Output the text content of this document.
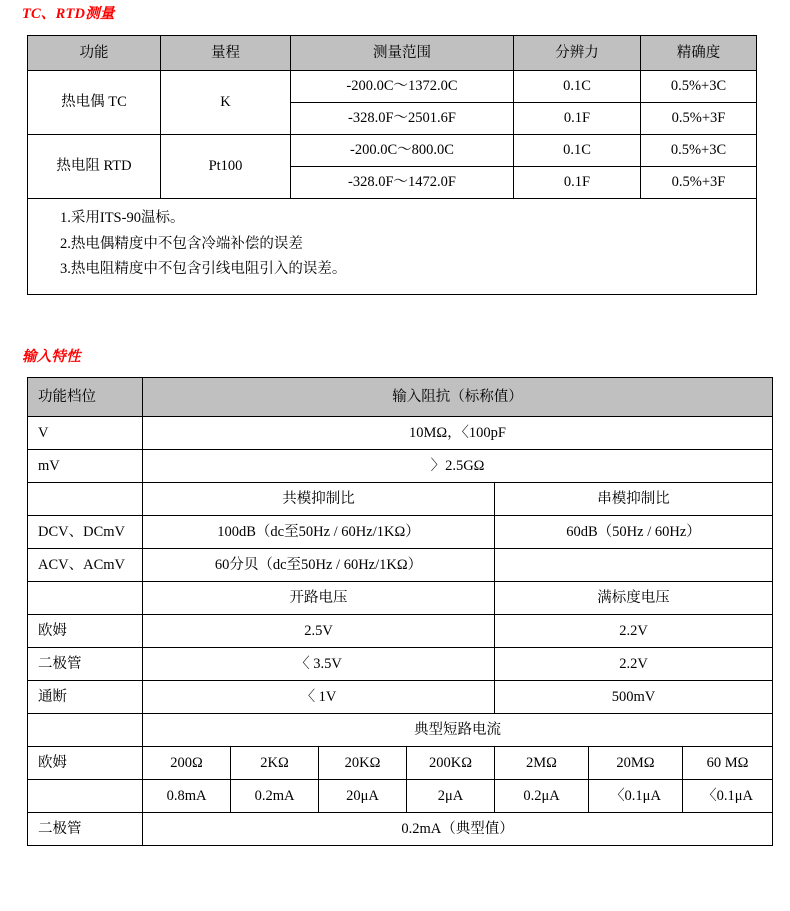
TC、RTD测量
功能	量程	测量范围	分辨力	精确度
热电偶 TC	K	-200.0C～1372.0C	0.1C	0.5%+3C
		-328.0F～2501.6F	0.1F	0.5%+3F
热电阻 RTD	Pt100	-200.0C～800.0C	0.1C	0.5%+3C
		-328.0F～1472.0F	0.1F	0.5%+3F

1.采用ITS-90温标。
2.热电偶精度中不包含冷端补偿的误差
3.热电阻精度中不包含引线电阻引入的误差。				
输入特性
功能档位	输入阻抗（标称值）						
V	10MΩ，〈100pF						
mV	〉2.5GΩ						
	共模抑制比				串模抑制比		
DCV、DCmV	100dB（dc至50Hz / 60Hz/1KΩ）				60dB（50Hz / 60Hz）		
ACV、ACmV	60分贝（dc至50Hz / 60Hz/1KΩ）						
	开路电压				满标度电压		
欧姆	2.5V				2.2V		
二极管	〈 3.5V				2.2V		
通断	〈 1V				500mV		
	典型短路电流						
欧姆	200Ω	2KΩ	20KΩ	200KΩ	2MΩ	20MΩ	60 MΩ
	0.8mA	0.2mA	20μA	2μA	0.2μA	〈0.1μA	〈0.1μA
二极管	0.2mA（典型值）						
